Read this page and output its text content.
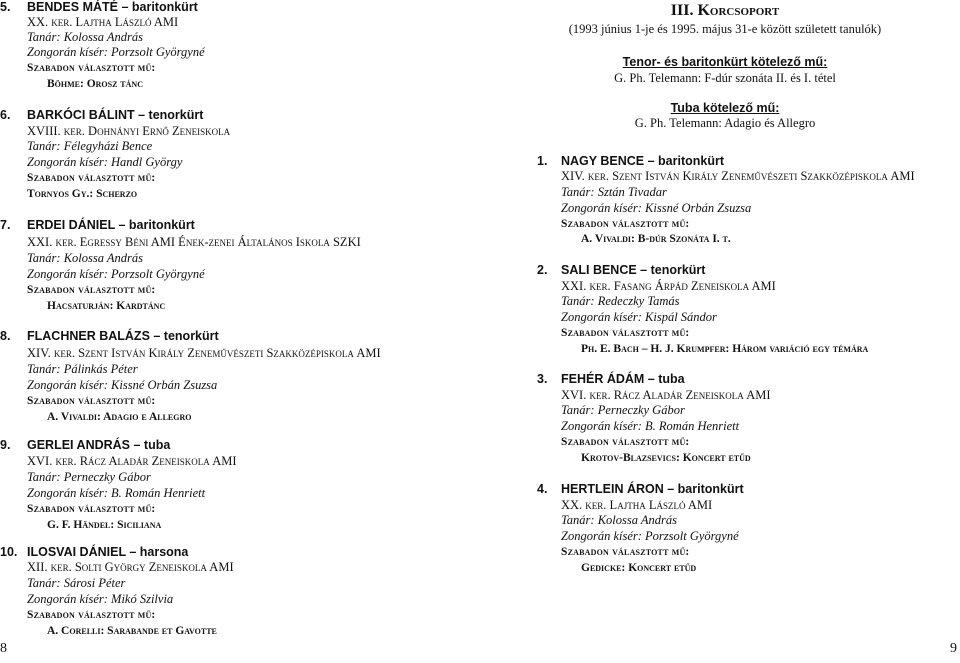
5. BENDES MÁTÉ – baritonkürt
XX. ker. Lajtha László AMI
Tanár: Kolossa András
Zongorán kísér: Porzsolt Györgyné
Szabadon választott mű:
Böhme: Orosz tánc
6. BARKÓCI BÁLINT – tenorkürt
XVIII. ker. Dohnányi Ernő Zeneiskola
Tanár: Félegyházi Bence
Zongorán kísér: Handl György
Szabadon választott mű:
Tornyos Gy.: Scherzo
7. ERDEI DÁNIEL – baritonkürt
XXI. ker. Egressy Béni AMI Ének-zenei Általános Iskola SZKI
Tanár: Kolossa András
Zongorán kísér: Porzsolt Györgyné
Szabadon választott mű:
Hacsaturján: Kardtánc
8. FLACHNER BALÁZS – tenorkürt
XIV. ker. Szent István Király Zeneművészeti Szakközépiskola AMI
Tanár: Pálinkás Péter
Zongorán kísér: Kissné Orbán Zsuzsa
Szabadon választott mű:
A. Vivaldi: Adagio e Allegro
9. GERLEI ANDRÁS – tuba
XVI. ker. Rácz Aladár Zeneiskola AMI
Tanár: Perneczky Gábor
Zongorán kísér: B. Román Henriett
Szabadon választott mű:
G. F. Händel: Siciliana
10. ILOSVAI DÁNIEL – harsona
XII. ker. Solti György Zeneiskola AMI
Tanár: Sárosi Péter
Zongorán kísér: Mikó Szilvia
Szabadon választott mű:
A. Corelli: Sarabande et Gavotte
III. Korcsoport
(1993 június 1-je és 1995. május 31-e között született tanulók)
Tenor- és baritonkürt kötelező mű:
G. Ph. Telemann: F-dúr szonáta II. és I. tétel
Tuba kötelező mű:
G. Ph. Telemann: Adagio és Allegro
1. NAGY BENCE – baritonkürt
XIV. ker. Szent István Király Zeneművészeti Szakközépiskola AMI
Tanár: Sztán Tivadar
Zongorán kísér: Kissné Orbán Zsuzsa
Szabadon választott mű:
A. Vivaldi: B-dúr Szonáta I. t.
2. SALI BENCE – tenorkürt
XXI. ker. Fasang Árpád Zeneiskola AMI
Tanár: Redeczky Tamás
Zongorán kísér: Kispál Sándor
Szabadon választott mű:
Ph. E. Bach – H. J. Krumpfer: Három variáció egy témára
3. FEHÉR ÁDÁM – tuba
XVI. ker. Rácz Aladár Zeneiskola AMI
Tanár: Perneczky Gábor
Zongorán kísér: B. Román Henriett
Szabadon választott mű:
Krotov-Blazsevics: Koncert etűd
4. HERTLEIN ÁRON – baritonkürt
XX. ker. Lajtha László AMI
Tanár: Kolossa András
Zongorán kísér: Porzsolt Györgyné
Szabadon választott mű:
Gedicke: Koncert etűd
8	9
